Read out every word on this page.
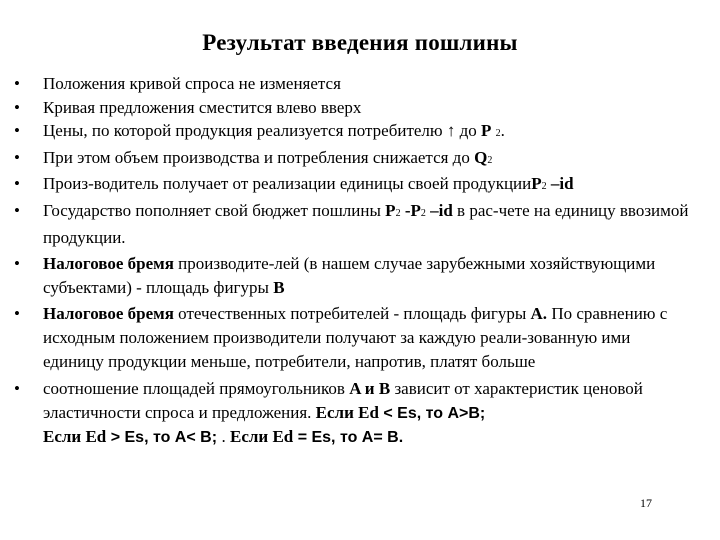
Результат введения пошлины
• Положения кривой спроса не изменяется
• Кривая предложения сместится влево вверх
• Цены, по которой продукция реализуется потребителю ↑ до P 2.
• При этом объем производства и потребления снижается до Q2
• Произ-водитель получает от реализации единицы своей продукцииP2 –id
• Государство пополняет свой бюджет пошлины P2 -P2 –id в рас-чете на единицу ввозимой продукции.
• Налоговое бремя производите-лей (в нашем случае зарубежными хозяйствующими субъектами) - площадь фигуры B
• Налоговое бремя отечественных потребителей - площадь фигуры A. По сравнению с исходным положением производители получают за каждую реали-зованную ими единицу продукции меньше, потребители, напротив, платят больше
• соотношение площадей прямоугольников A и B зависит от характеристик ценовой эластичности спроса и предложения. Если Ed < Es, то A>B;
Если Ed > Es, то A< B; . Если Ed = Es, то A= B.
17
